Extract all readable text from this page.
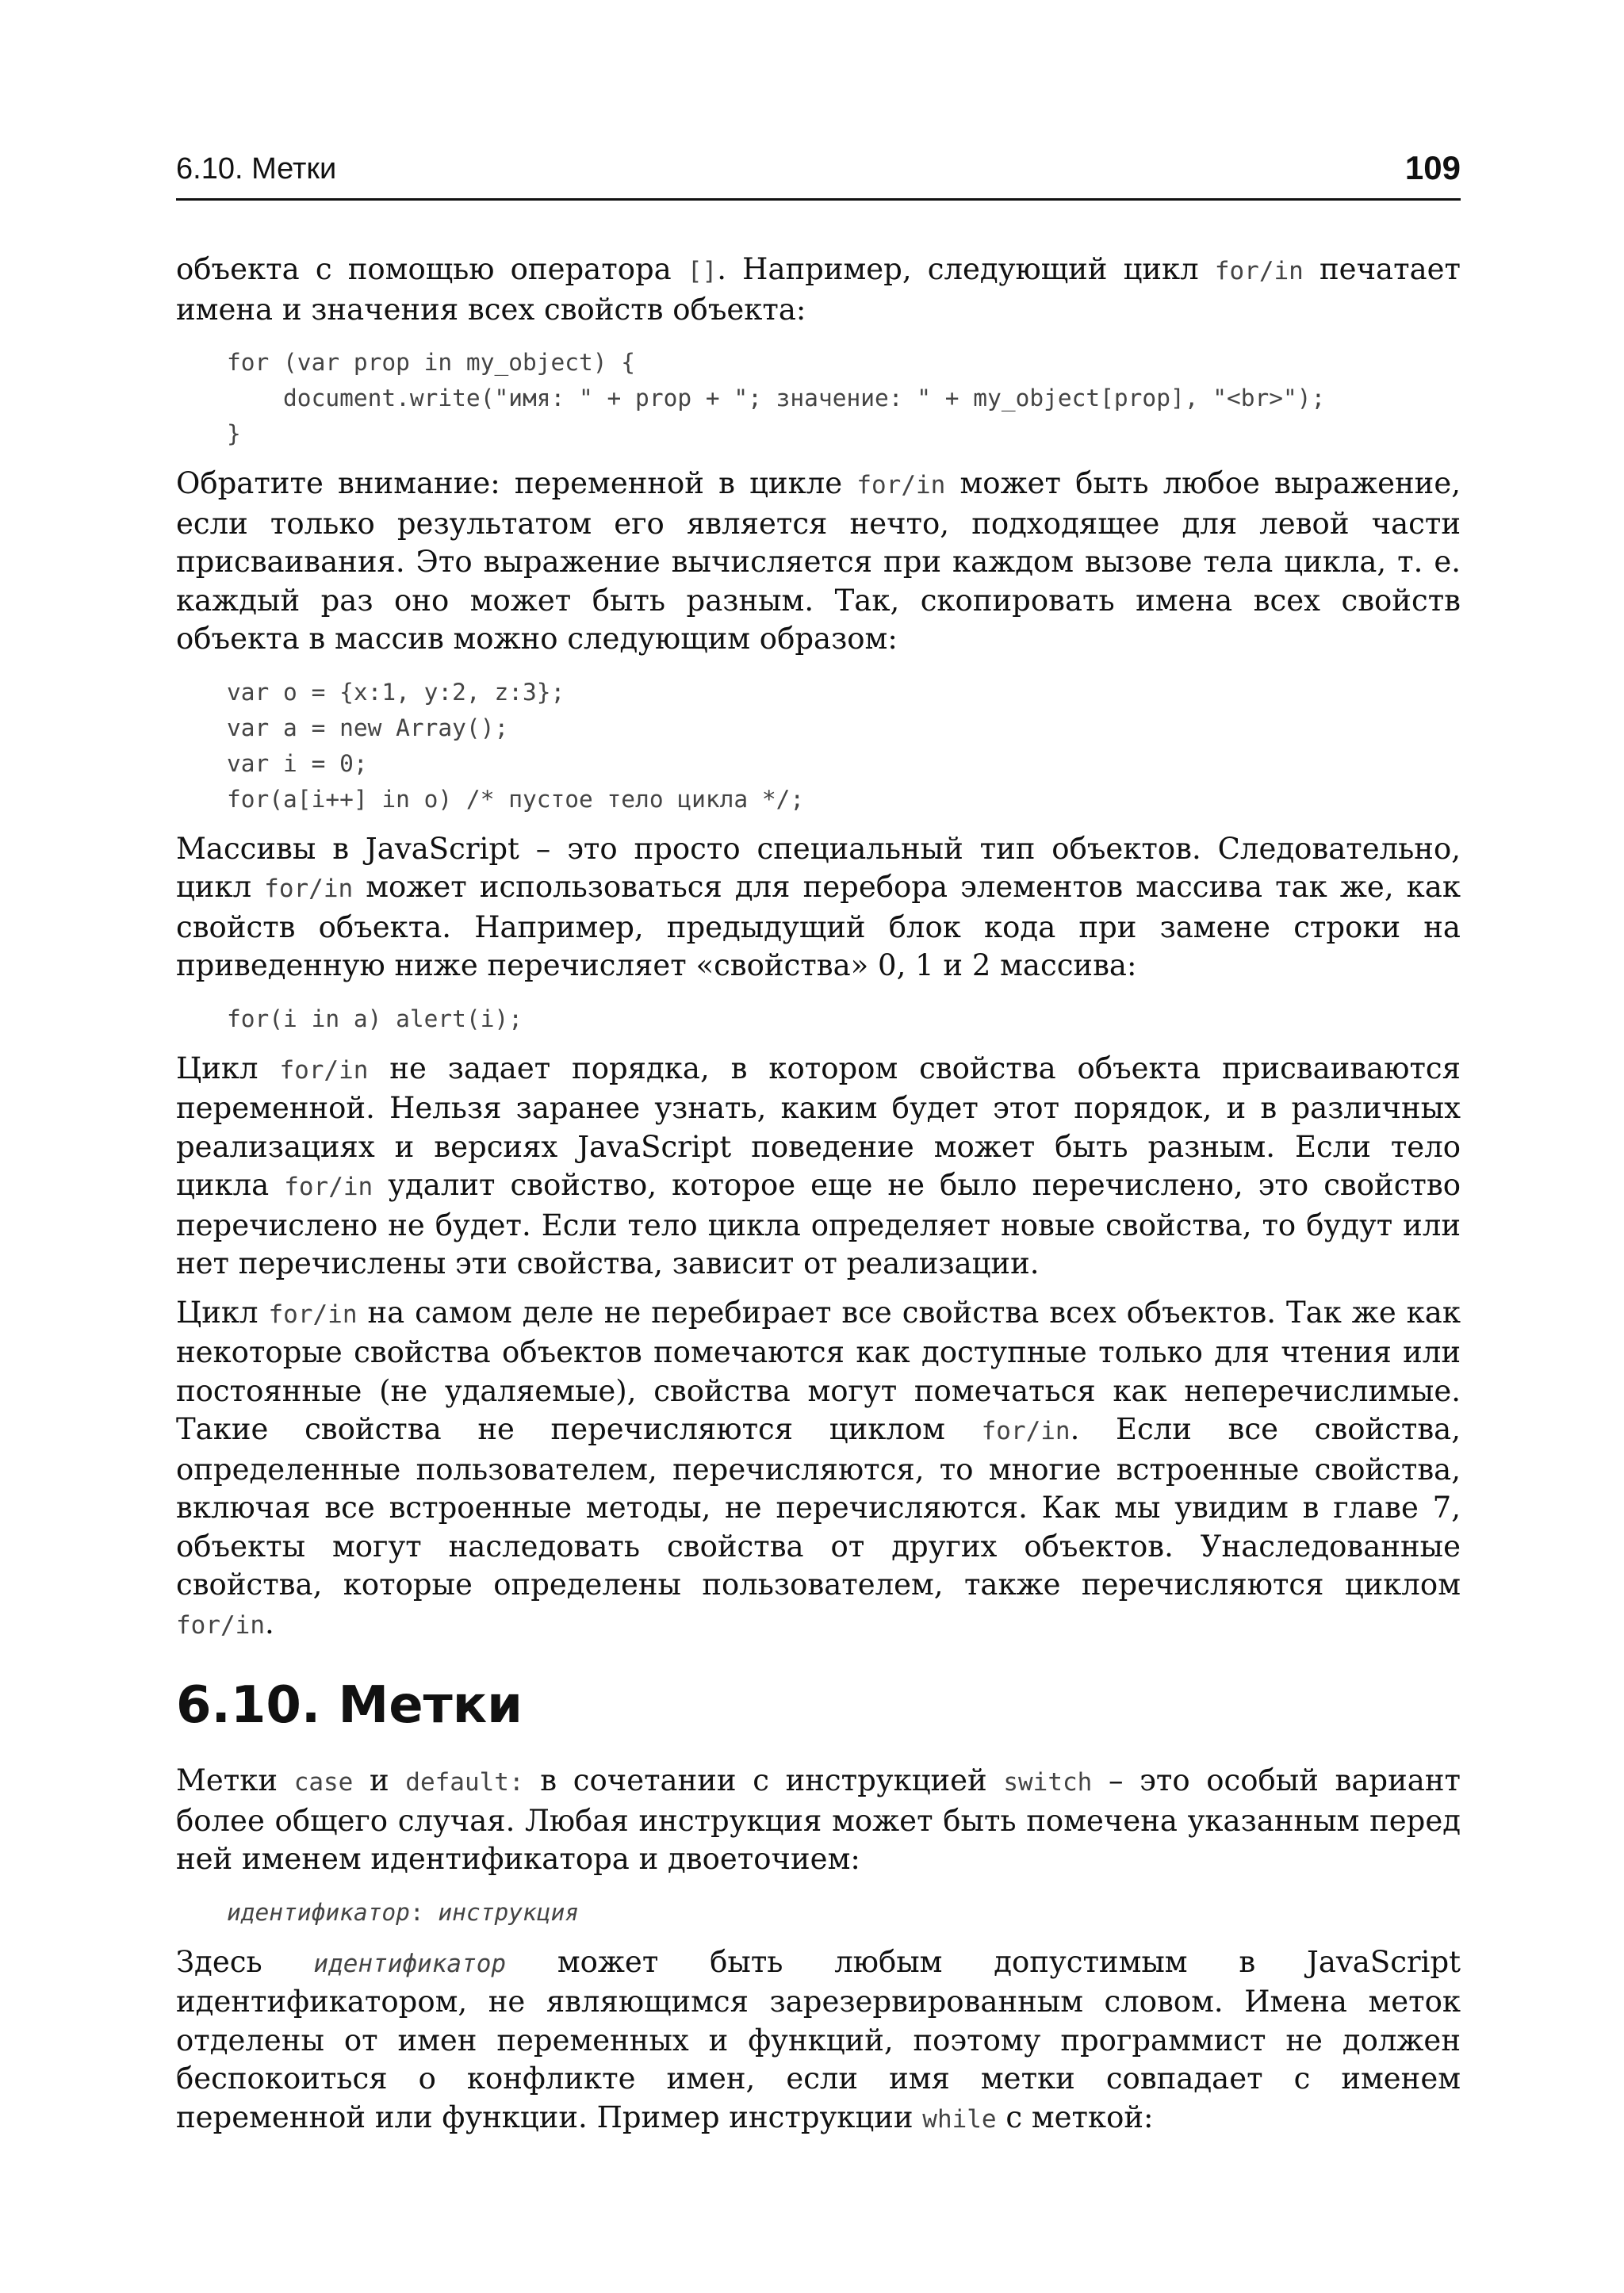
6.10. Метки	109

объекта с помощью оператора []. Например, следующий цикл for/in печатает имена и значения всех свойств объекта:

for (var prop in my_object) {
document.write("имя: " + prop + "; значение: " + my_object[prop], "<br>");
}

Обратите внимание: переменной в цикле for/in может быть любое выражение, если только результатом его является нечто, подходящее для левой части присваивания. Это выражение вычисляется при каждом вызове тела цикла, т. е. каждый раз оно может быть разным. Так, скопировать имена всех свойств объекта в массив можно следующим образом:

var o = {x:1, y:2, z:3};
var a = new Array();
var i = 0;
for(a[i++] in o) /* пустое тело цикла */;

Массивы в JavaScript – это просто специальный тип объектов. Следовательно, цикл for/in может использоваться для перебора элементов массива так же, как свойств объекта. Например, предыдущий блок кода при замене строки на приведенную ниже перечисляет «свойства» 0, 1 и 2 массива:

for(i in a) alert(i);

Цикл for/in не задает порядка, в котором свойства объекта присваиваются переменной. Нельзя заранее узнать, каким будет этот порядок, и в различных реализациях и версиях JavaScript поведение может быть разным. Если тело цикла for/in удалит свойство, которое еще не было перечислено, это свойство перечислено не будет. Если тело цикла определяет новые свойства, то будут или нет перечислены эти свойства, зависит от реализации.

Цикл for/in на самом деле не перебирает все свойства всех объектов. Так же как некоторые свойства объектов помечаются как доступные только для чтения или постоянные (не удаляемые), свойства могут помечаться как неперечислимые. Такие свойства не перечисляются циклом for/in. Если все свойства, определенные пользователем, перечисляются, то многие встроенные свойства, включая все встроенные методы, не перечисляются. Как мы увидим в главе 7, объекты могут наследовать свойства от других объектов. Унаследованные свойства, которые определены пользователем, также перечисляются циклом for/in.

6.10. Метки

Метки case и default: в сочетании с инструкцией switch – это особый вариант более общего случая. Любая инструкция может быть помечена указанным перед ней именем идентификатора и двоеточием:

идентификатор: инструкция

Здесь идентификатор может быть любым допустимым в JavaScript идентификатором, не являющимся зарезервированным словом. Имена меток отделены от имен переменных и функций, поэтому программист не должен беспокоиться о конфликте имен, если имя метки совпадает с именем переменной или функции. Пример инструкции while с меткой:
